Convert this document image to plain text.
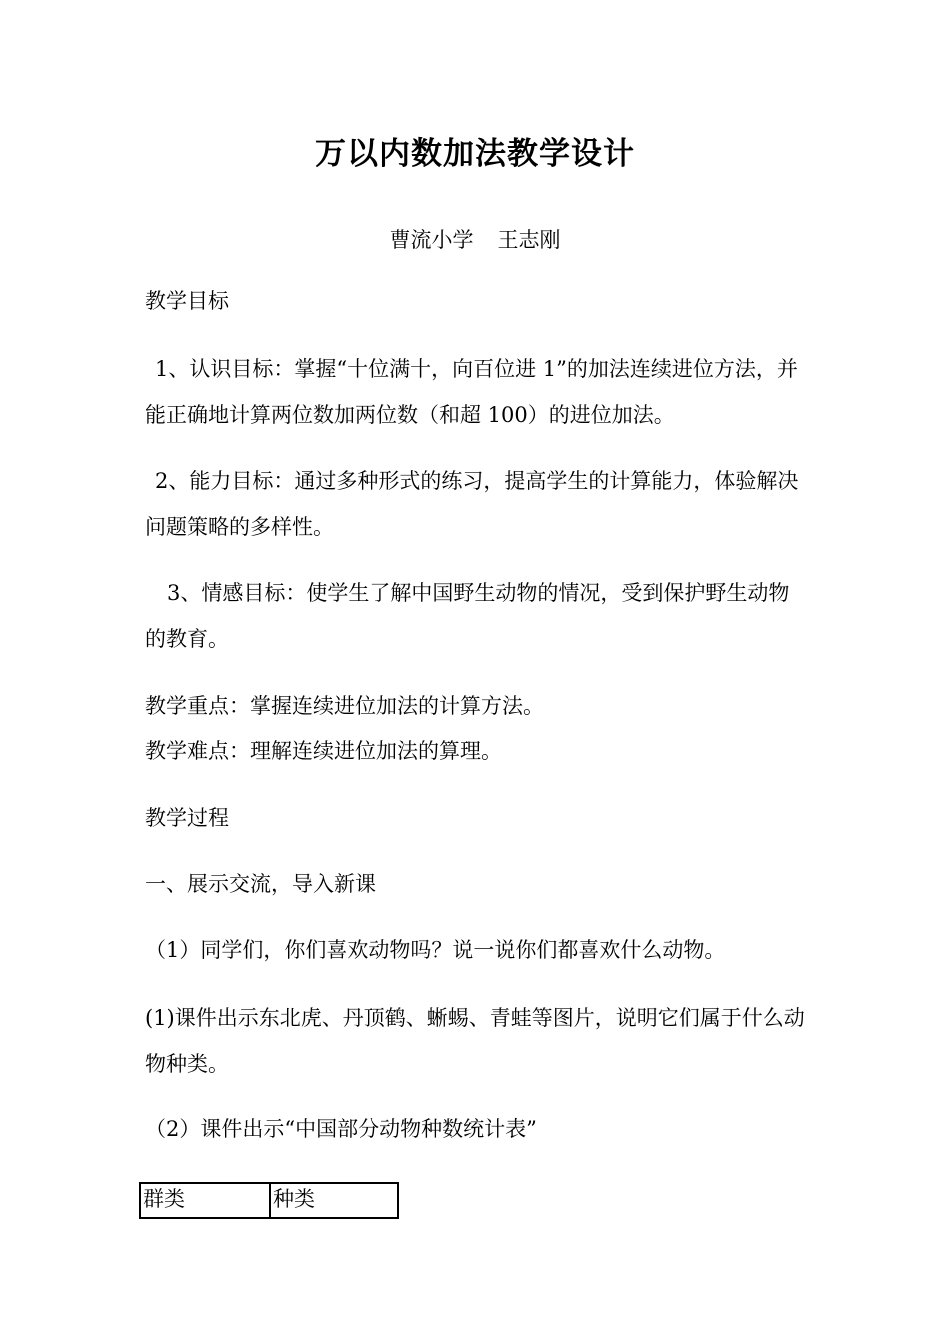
万以内数加法教学设计

曹流小学 王志刚

教学目标

1、认识目标：掌握“十位满十，向百位进 1”的加法连续进位方法，并能正确地计算两位数加两位数（和超 100）的进位加法。

2、能力目标：通过多种形式的练习，提高学生的计算能力，体验解决问题策略的多样性。

3、情感目标：使学生了解中国野生动物的情况，受到保护野生动物的教育。

教学重点：掌握连续进位加法的计算方法。

教学难点：理解连续进位加法的算理。

教学过程

一、展示交流，导入新课

（1）同学们，你们喜欢动物吗？说一说你们都喜欢什么动物。

(1)课件出示东北虎、丹顶鹤、蜥蜴、青蛙等图片，说明它们属于什么动物种类。

（2）课件出示“中国部分动物种数统计表”

群类	种类
